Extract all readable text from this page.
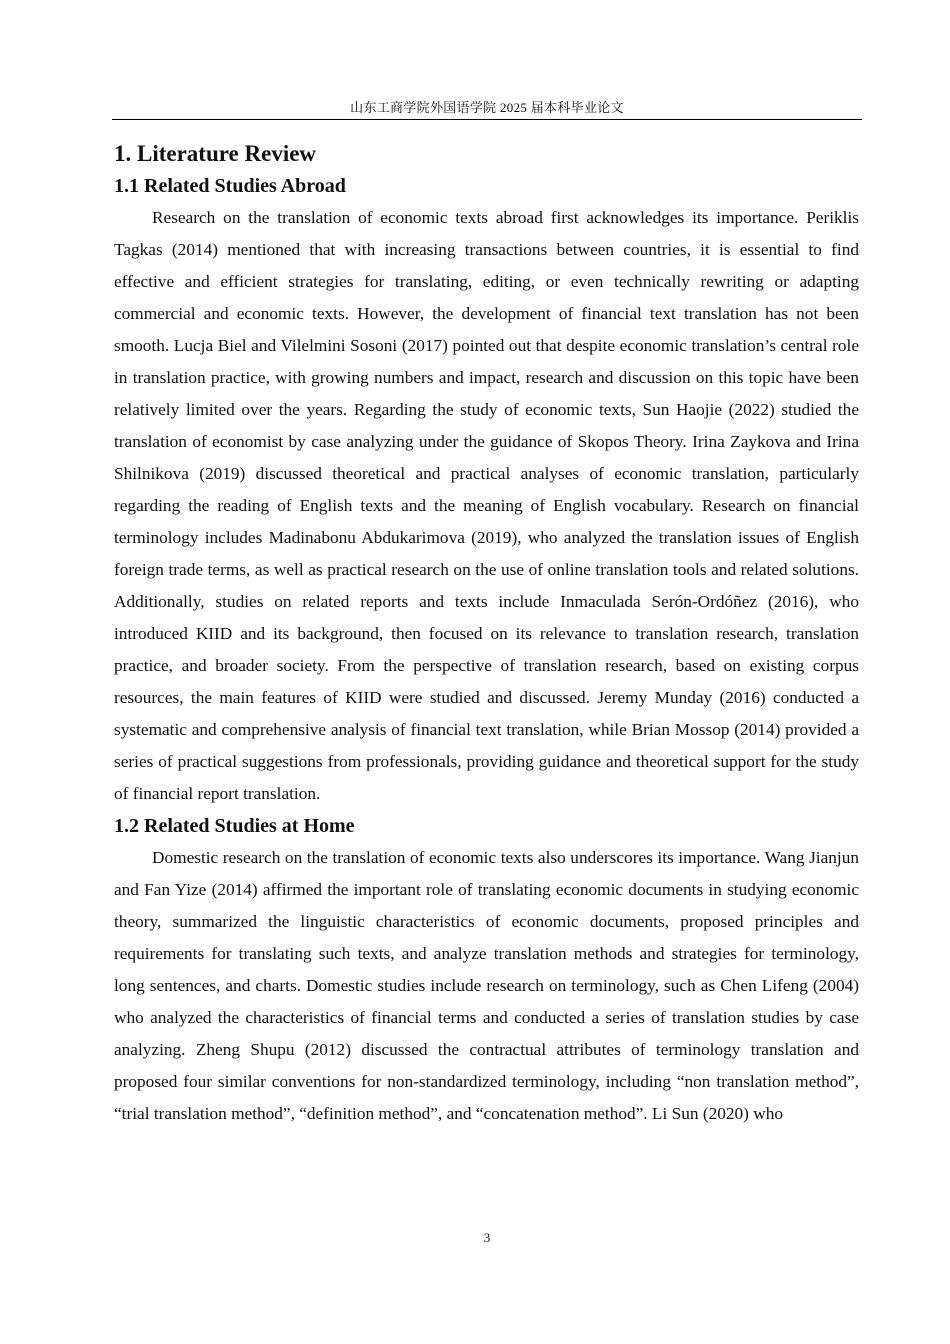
山东工商学院外国语学院 2025 届本科毕业论文
1. Literature Review
1.1 Related Studies Abroad

Research on the translation of economic texts abroad first acknowledges its importance. Periklis Tagkas (2014) mentioned that with increasing transactions between countries, it is essential to find effective and efficient strategies for translating, editing, or even technically rewriting or adapting commercial and economic texts. However, the development of financial text translation has not been smooth. Lucja Biel and Vilelmini Sosoni (2017) pointed out that despite economic translation’s central role in translation practice, with growing numbers and impact, research and discussion on this topic have been relatively limited over the years. Regarding the study of economic texts, Sun Haojie (2022) studied the translation of economist by case analyzing under the guidance of Skopos Theory. Irina Zaykova and Irina Shilnikova (2019) discussed theoretical and practical analyses of economic translation, particularly regarding the reading of English texts and the meaning of English vocabulary. Research on financial terminology includes Madinabonu Abdukarimova (2019), who analyzed the translation issues of English foreign trade terms, as well as practical research on the use of online translation tools and related solutions. Additionally, studies on related reports and texts include Inmaculada Serón-Ordóñez (2016), who introduced KIID and its background, then focused on its relevance to translation research, translation practice, and broader society. From the perspective of translation research, based on existing corpus resources, the main features of KIID were studied and discussed. Jeremy Munday (2016) conducted a systematic and comprehensive analysis of financial text translation, while Brian Mossop (2014) provided a series of practical suggestions from professionals, providing guidance and theoretical support for the study of financial report translation.

1.2 Related Studies at Home

Domestic research on the translation of economic texts also underscores its importance. Wang Jianjun and Fan Yize (2014) affirmed the important role of translating economic documents in studying economic theory, summarized the linguistic characteristics of economic documents, proposed principles and requirements for translating such texts, and analyze translation methods and strategies for terminology, long sentences, and charts. Domestic studies include research on terminology, such as Chen Lifeng (2004) who analyzed the characteristics of financial terms and conducted a series of translation studies by case analyzing. Zheng Shupu (2012) discussed the contractual attributes of terminology translation and proposed four similar conventions for non-standardized terminology, including “non translation method”, “trial translation method”, “definition method”, and “concatenation method”. Li Sun (2020) who

3
